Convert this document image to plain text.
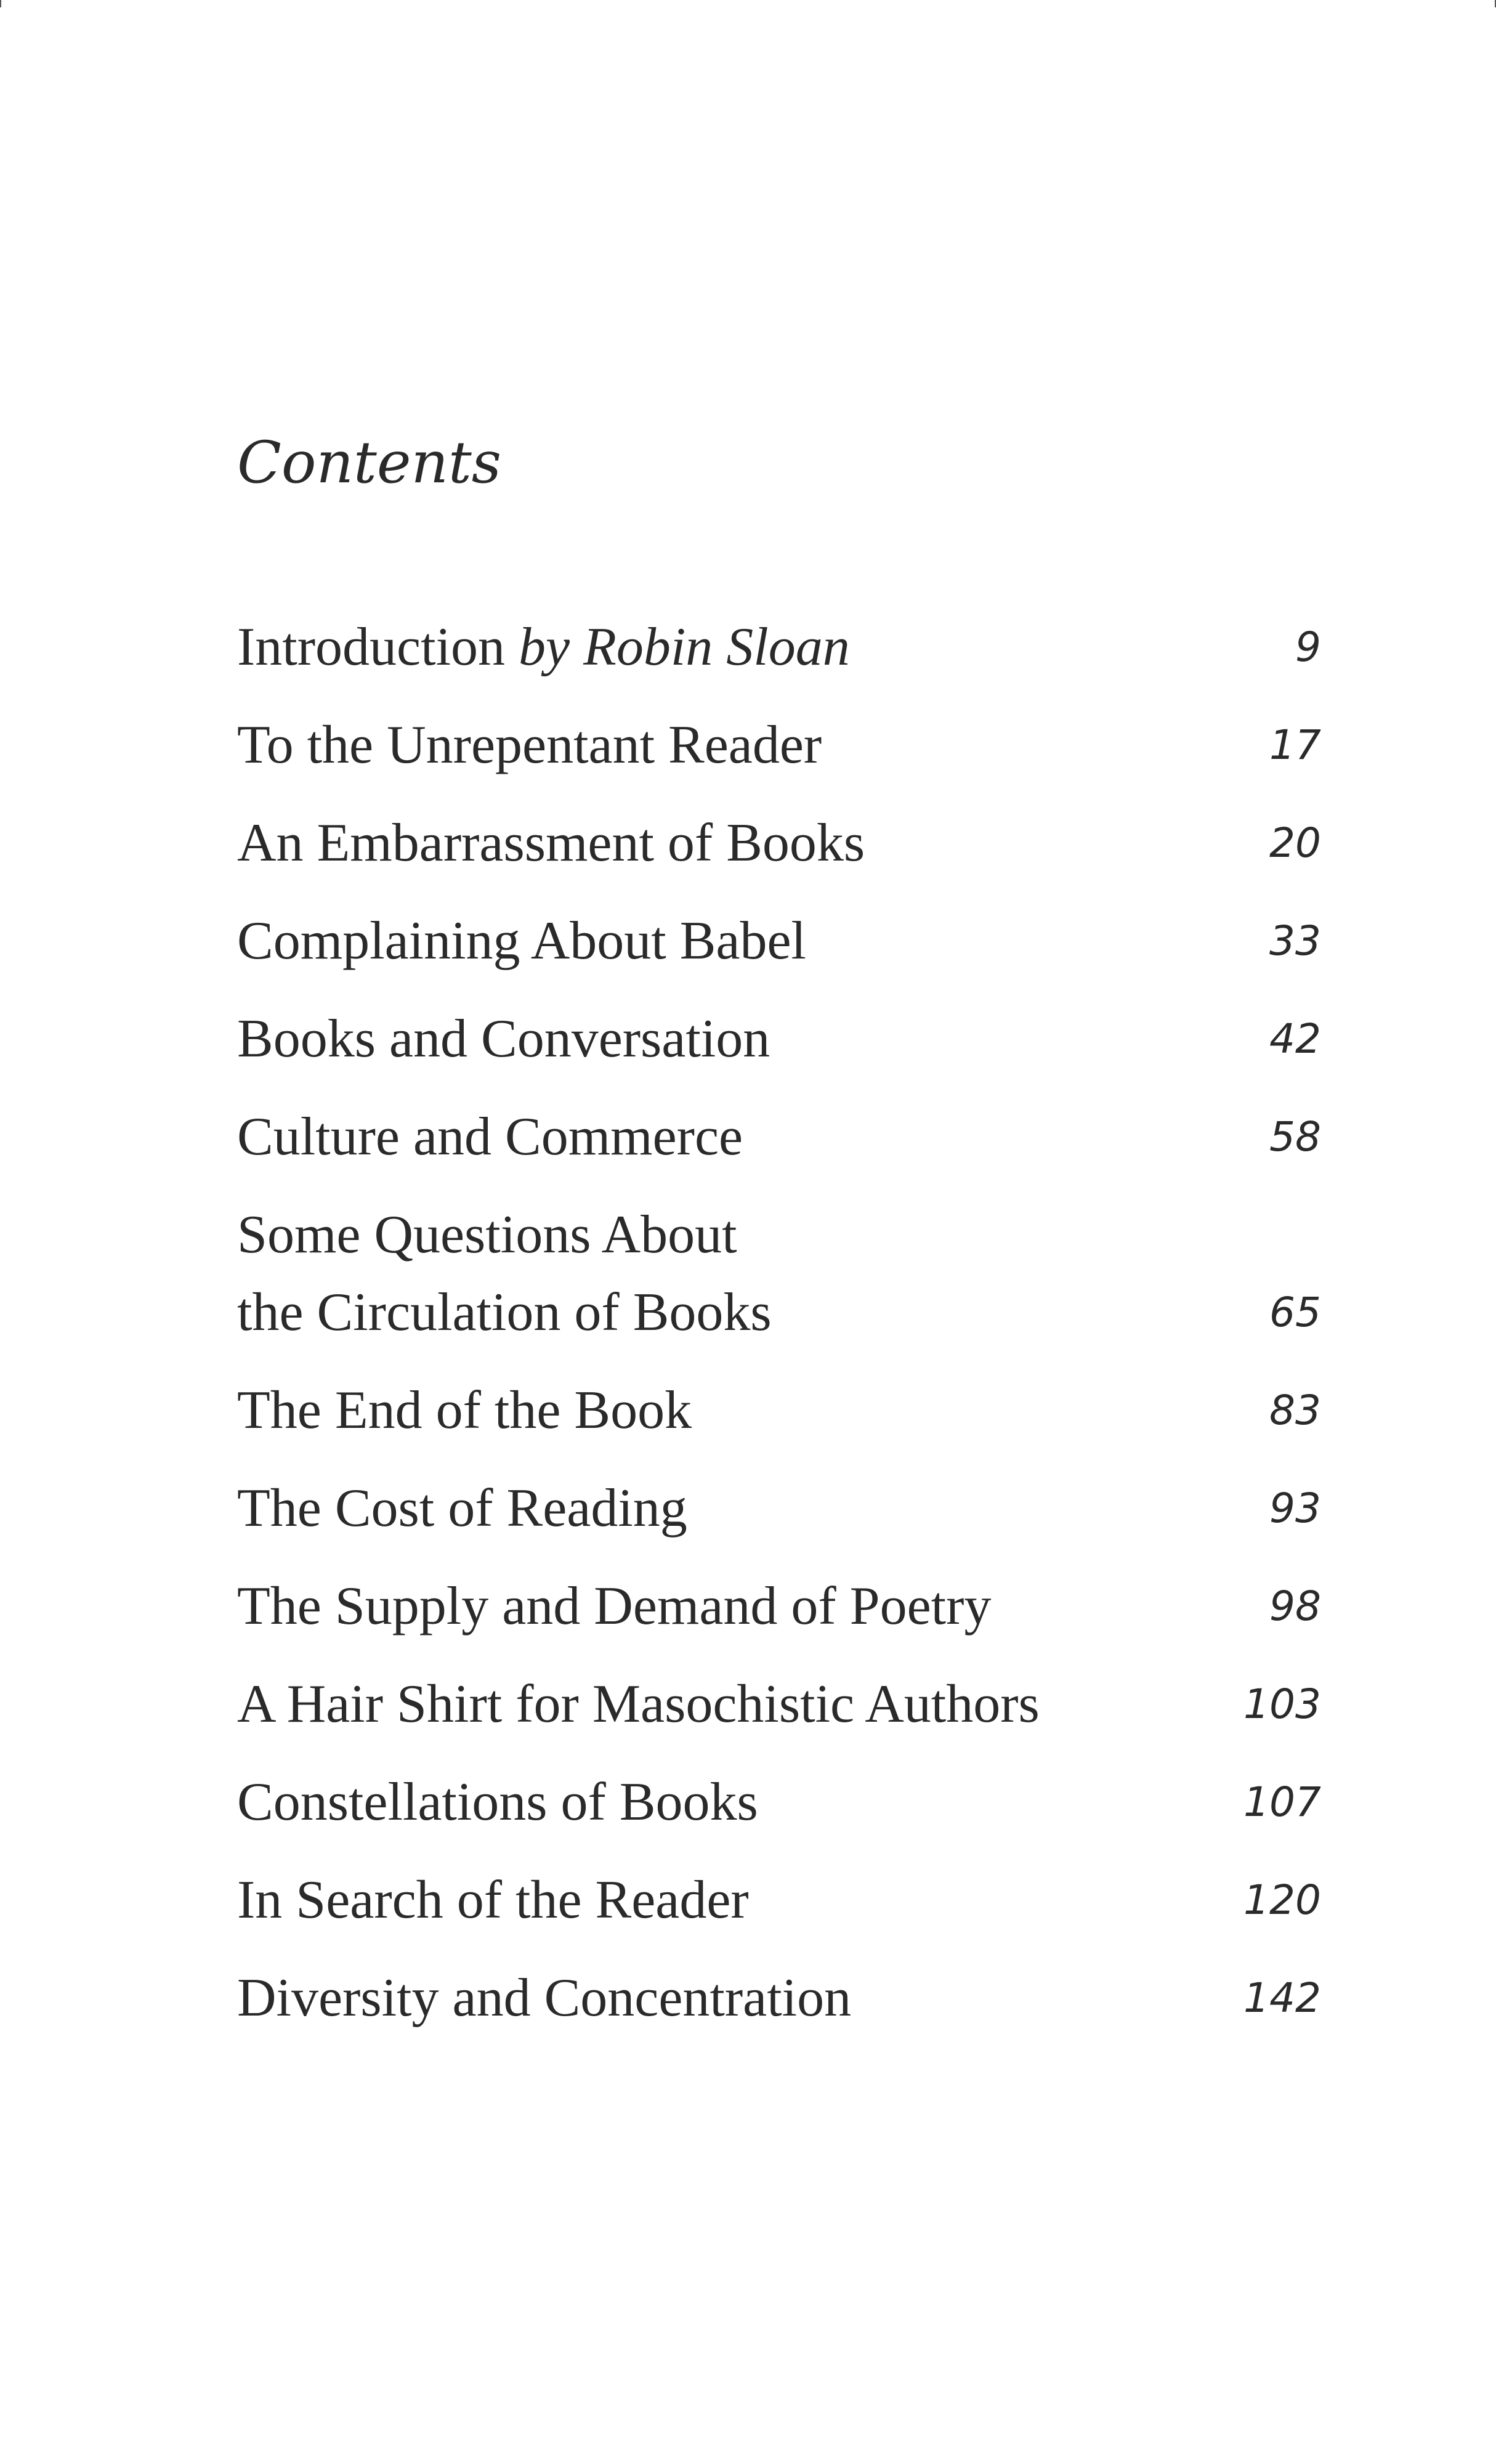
Contents
Introduction by Robin Sloan	9
To the Unrepentant Reader	17
An Embarrassment of Books	20
Complaining About Babel	33
Books and Conversation	42
Culture and Commerce	58
Some Questions About
the Circulation of Books	65
The End of the Book	83
The Cost of Reading	93
The Supply and Demand of Poetry	98
A Hair Shirt for Masochistic Authors	103
Constellations of Books	107
In Search of the Reader	120
Diversity and Concentration	142
